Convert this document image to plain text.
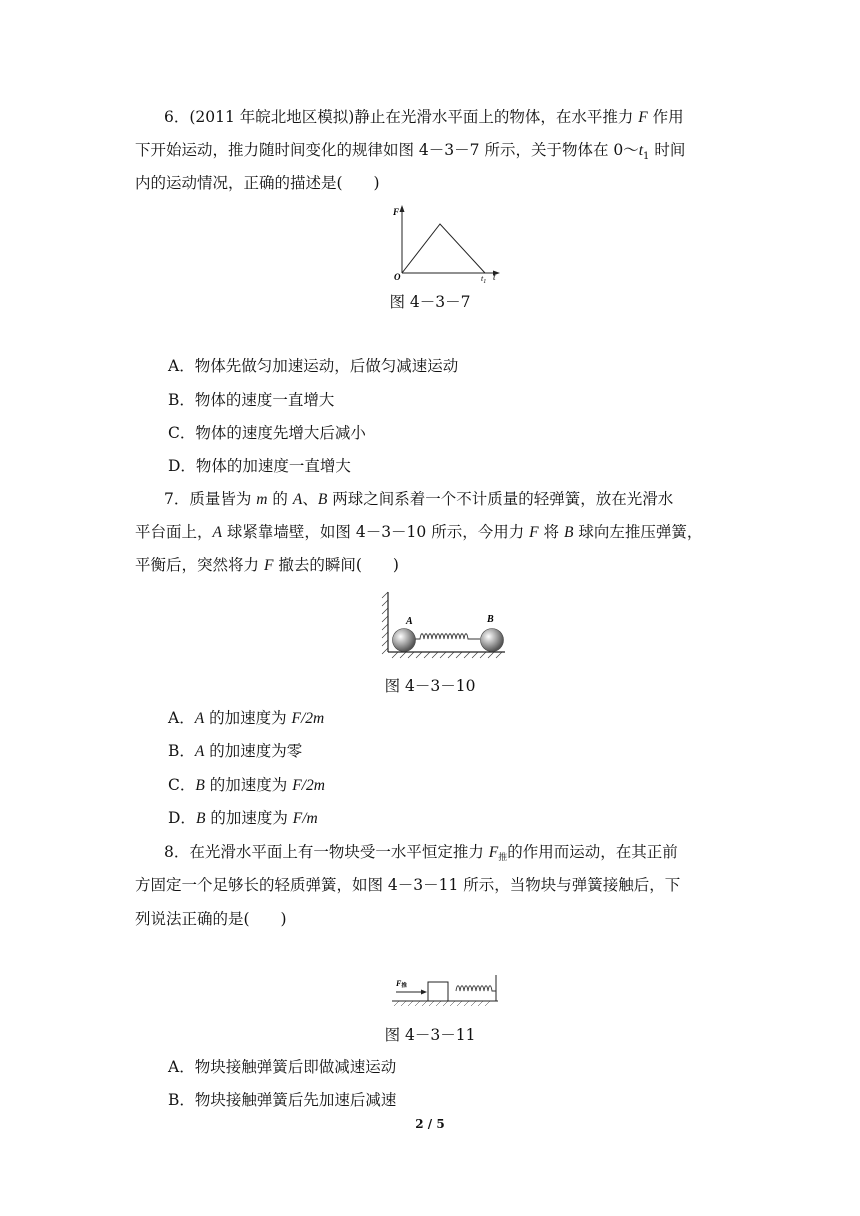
6．(2011 年皖北地区模拟)静止在光滑水平面上的物体，在水平推力 F 作用
下开始运动，推力随时间变化的规律如图 4－3－7 所示，关于物体在 $0\sim t_1$ 时间
内的运动情况，正确的描述是(　　)
F
O	$t_1$ t
图 4－3－7
A．物体先做匀加速运动，后做匀减速运动
B．物体的速度一直增大
C．物体的速度先增大后减小
D．物体的加速度一直增大
7．质量皆为 m 的 A、B 两球之间系着一个不计质量的轻弹簧，放在光滑水
平台面上，A 球紧靠墙壁，如图 4－3－10 所示，今用力 F 将 B 球向左推压弹簧，
平衡后，突然将力 F 撤去的瞬间(　　)
A	B
图 4－3－10
A．A 的加速度为 F/2m
B．A 的加速度为零
C．B 的加速度为 F/2m
D．B 的加速度为 F/m
8．在光滑水平面上有一物块受一水平恒定推力 F推的作用而运动，在其正前
方固定一个足够长的轻质弹簧，如图 4－3－11 所示，当物块与弹簧接触后，下
列说法正确的是(　　)
F推
图 4－3－11
A．物块接触弹簧后即做减速运动
B．物块接触弹簧后先加速后减速
2 / 5
